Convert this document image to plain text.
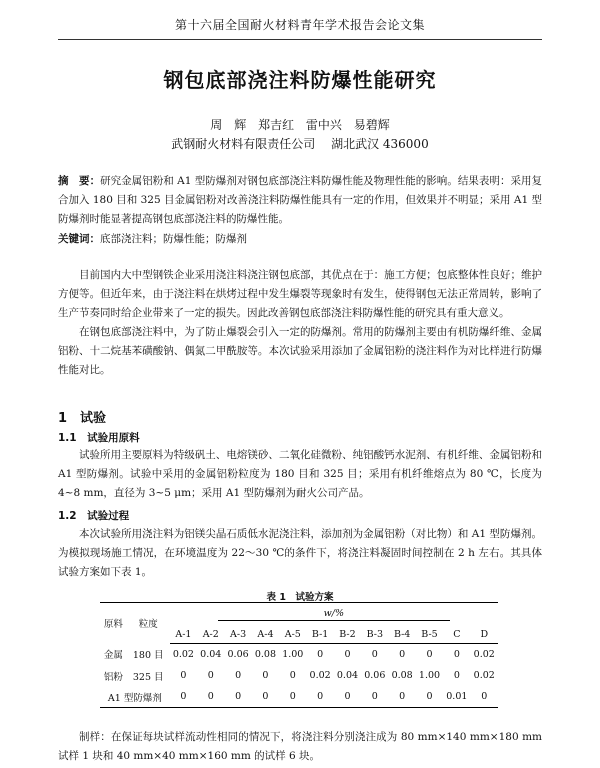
第十六届全国耐火材料青年学术报告会论文集
钢包底部浇注料防爆性能研究
周　辉 郑吉红 雷中兴 易碧辉
武钢耐火材料有限责任公司　 湖北武汉 436000
摘　要：研究金属铝粉和 A1 型防爆剂对钢包底部浇注料防爆性能及物理性能的影响。结果表明：采用复合加入 180 目和 325 目金属铝粉对改善浇注料防爆性能具有一定的作用，但效果并不明显；采用 A1 型防爆剂时能显著提高钢包底部浇注料的防爆性能。
关键词：底部浇注料；防爆性能；防爆剂

目前国内大中型钢铁企业采用浇注料浇注钢包底部，其优点在于：施工方便；包底整体性良好；维护方便等。但近年来，由于浇注料在烘烤过程中发生爆裂等现象时有发生，使得钢包无法正常周转，影响了生产节奏同时给企业带来了一定的损失。因此改善钢包底部浇注料防爆性能的研究具有重大意义。

在钢包底部浇注料中，为了防止爆裂会引入一定的防爆剂。常用的防爆剂主要由有机防爆纤维、金属铝粉、十二烷基苯磺酸钠、偶氮二甲酰胺等。本次试验采用添加了金属铝粉的浇注料作为对比样进行防爆性能对比。

1　试验
1.1　试验用原料

试验所用主要原料为特级矾土、电熔镁砂、二氧化硅微粉、纯铝酸钙水泥剂、有机纤维、金属铝粉和 A1 型防爆剂。试验中采用的金属铝粉粒度为 180 目和 325 目；采用有机纤维熔点为 80 ℃，长度为 4~8 mm，直径为 3~5 μm；采用 A1 型防爆剂为耐火公司产品。

1.2　试验过程

本次试验所用浇注料为铝镁尖晶石质低水泥浇注料，添加剂为金属铝粉（对比物）和 A1 型防爆剂。为模拟现场施工情况，在环境温度为 22～30 ℃的条件下，将浇注料凝固时间控制在 2 h 左右。其具体试验方案如下表 1。

表 1　试验方案
原料	粒度	w/%											
		A-1	A-2	A-3	A-4	A-5	B-1	B-2	B-3	B-4	B-5	C	D
金属	180 目	0.02	0.04	0.06	0.08	1.00	0	0	0	0	0	0	0.02
铝粉	325 目	0	0	0	0	0	0.02	0.04	0.06	0.08	1.00	0	0.02
A1 型防爆剂		0	0	0	0	0	0	0	0	0	0	0.01	0

制样：在保证每块试样流动性相同的情况下，将浇注料分别浇注成为 80 mm×140 mm×180 mm 试样 1 块和 40 mm×40 mm×160 mm 的试样 6 块。
